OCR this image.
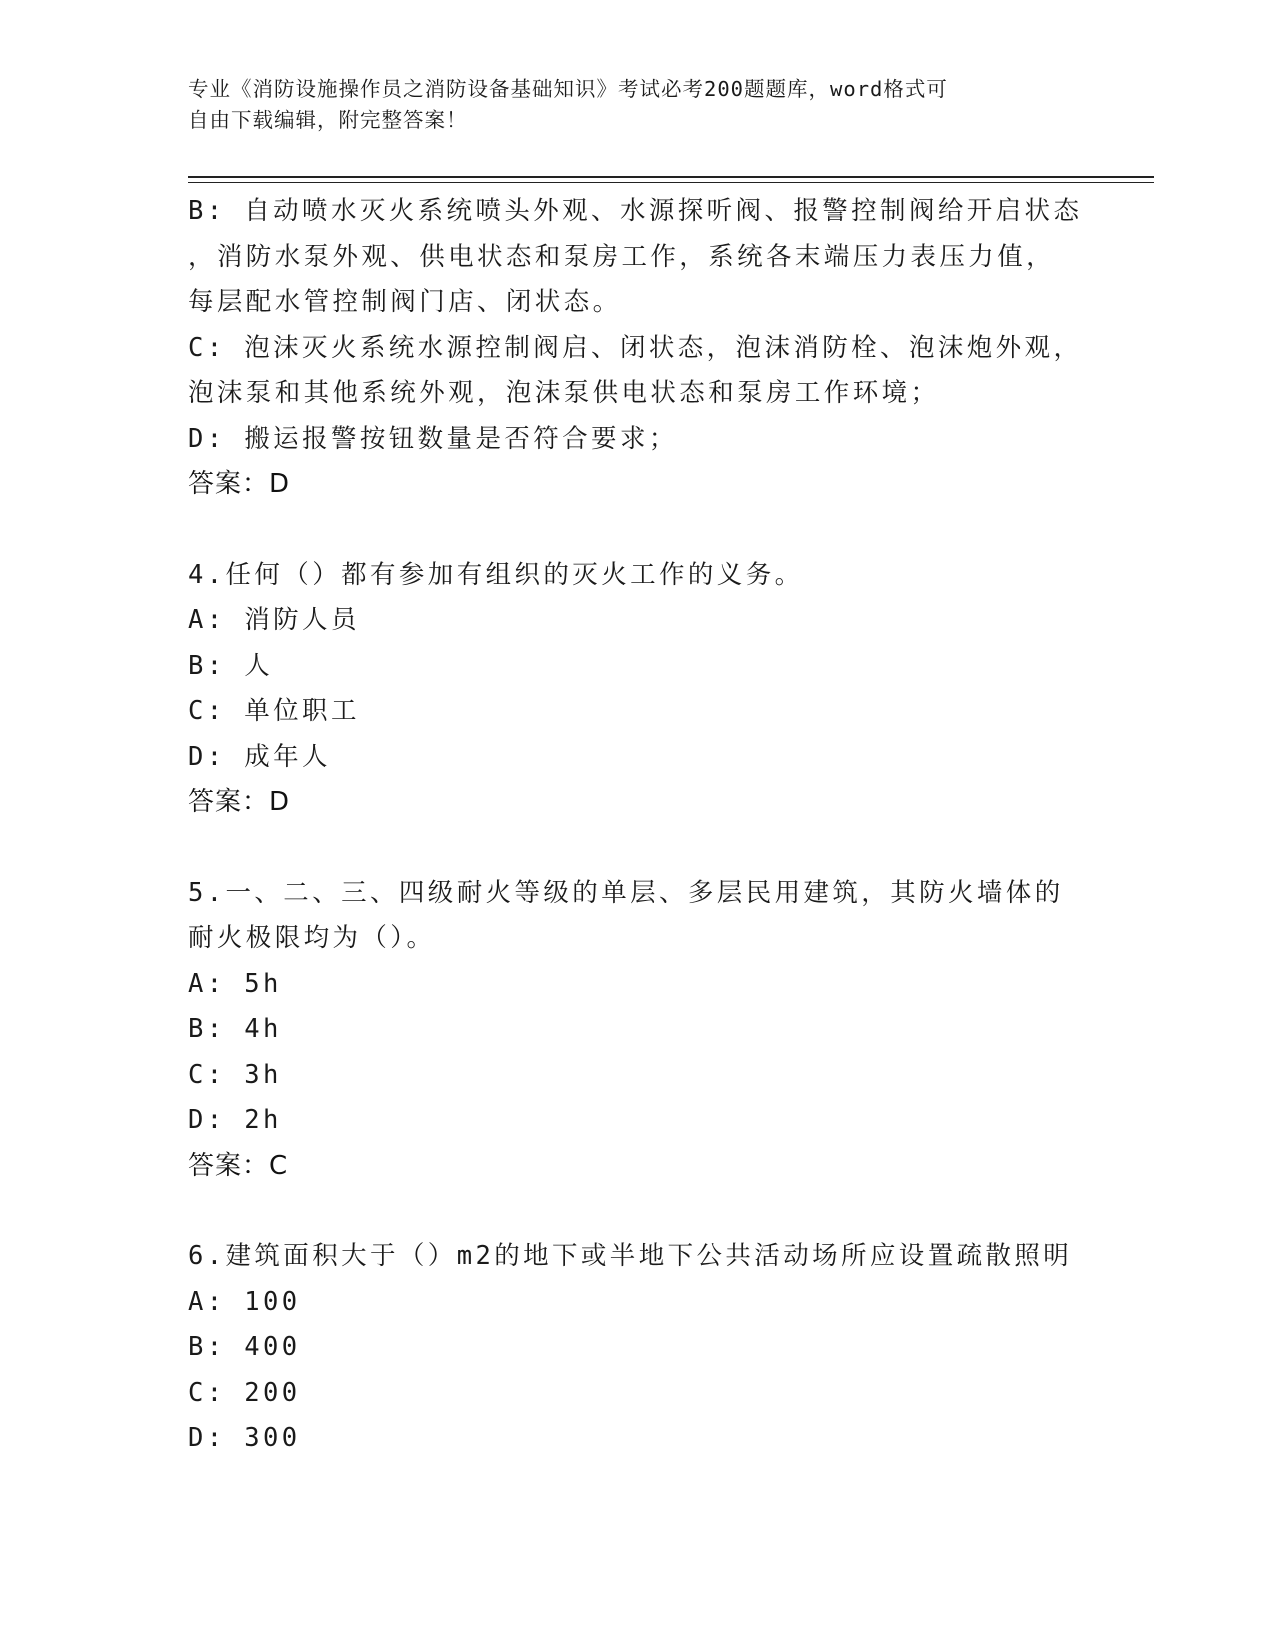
专业《消防设施操作员之消防设备基础知识》考试必考200题题库，word格式可
自由下载编辑，附完整答案！
B: 自动喷水灭火系统喷头外观、水源探听阀、报警控制阀给开启状态
，消防水泵外观、供电状态和泵房工作，系统各末端压力表压力值，
每层配水管控制阀门店、闭状态。
C: 泡沫灭火系统水源控制阀启、闭状态，泡沫消防栓、泡沫炮外观，
泡沫泵和其他系统外观，泡沫泵供电状态和泵房工作环境；
D: 搬运报警按钮数量是否符合要求；
答案：D
4.任何（）都有参加有组织的灭火工作的义务。
A: 消防人员
B: 人
C: 单位职工
D: 成年人
答案：D
5.一、二、三、四级耐火等级的单层、多层民用建筑，其防火墙体的
耐火极限均为（）。
A: 5h
B: 4h
C: 3h
D: 2h
答案：C
6.建筑面积大于（）m2的地下或半地下公共活动场所应设置疏散照明
A: 100
B: 400
C: 200
D: 300
